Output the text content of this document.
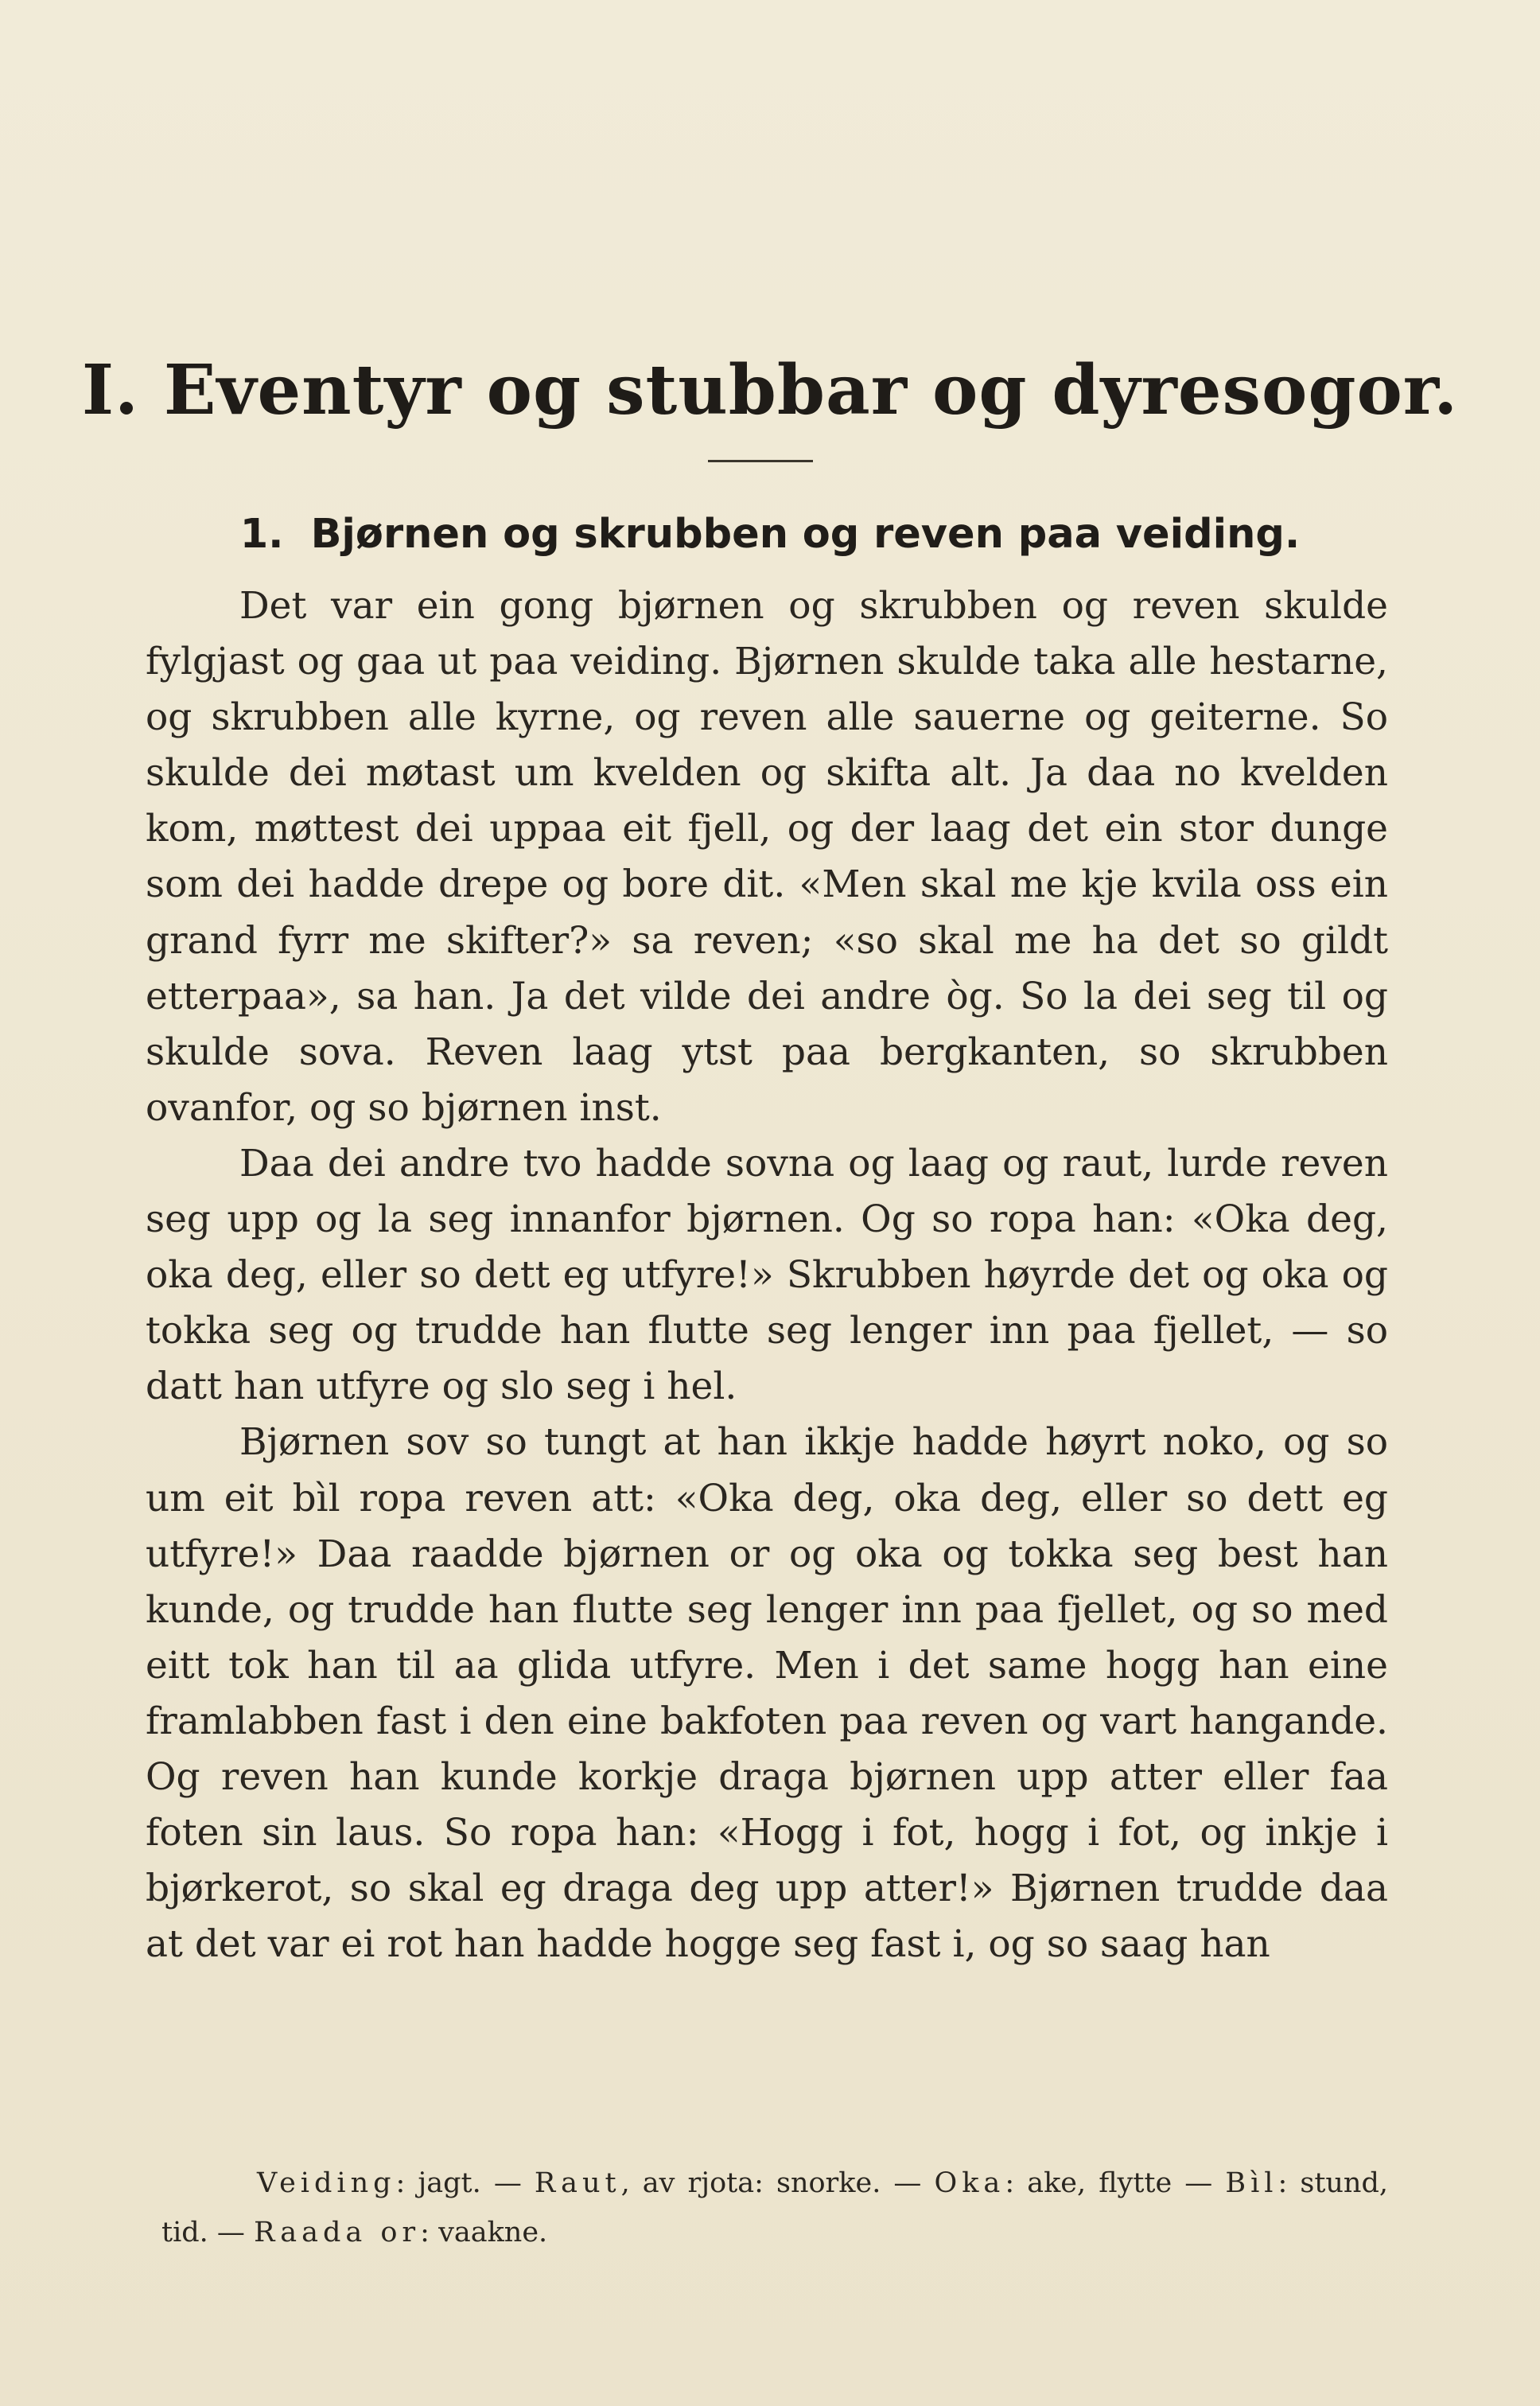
I. Eventyr og stubbar og dyresogor.
1. Bjørnen og skrubben og reven paa veiding.

Det var ein gong bjørnen og skrubben og reven skulde fylgjast og gaa ut paa veiding. Bjørnen skulde taka alle hestarne, og skrubben alle kyrne, og reven alle sauerne og geiterne. So skulde dei møtast um kvelden og skifta alt. Ja daa no kvelden kom, møttest dei uppaa eit fjell, og der laag det ein stor dunge som dei hadde drepe og bore dit. «Men skal me kje kvila oss ein grand fyrr me skifter?» sa reven; «so skal me ha det so gildt etterpaa», sa han. Ja det vilde dei andre òg. So la dei seg til og skulde sova. Reven laag ytst paa bergkanten, so skrubben ovanfor, og so bjørnen inst.

Daa dei andre tvo hadde sovna og laag og raut, lurde reven seg upp og la seg innanfor bjørnen. Og so ropa han: «Oka deg, oka deg, eller so dett eg utfyre!» Skrubben høyrde det og oka og tokka seg og trudde han flutte seg lenger inn paa fjellet, — so datt han utfyre og slo seg i hel.

Bjørnen sov so tungt at han ikkje hadde høyrt noko, og so um eit bìl ropa reven att: «Oka deg, oka deg, eller so dett eg utfyre!» Daa raadde bjørnen or og oka og tokka seg best han kunde, og trudde han flutte seg lenger inn paa fjellet, og so med eitt tok han til aa glida utfyre. Men i det same hogg han eine framlabben fast i den eine bakfoten paa reven og vart hangande. Og reven han kunde korkje draga bjørnen upp atter eller faa foten sin laus. So ropa han: «Hogg i fot, hogg i fot, og inkje i bjørkerot, so skal eg draga deg upp atter!» Bjørnen trudde daa at det var ei rot han hadde hogge seg fast i, og so saag han

Veiding: jagt. — Raut, av rjota: snorke. — Oka: ake, flytte — Bìl: stund, tid. — Raada or: vaakne.
